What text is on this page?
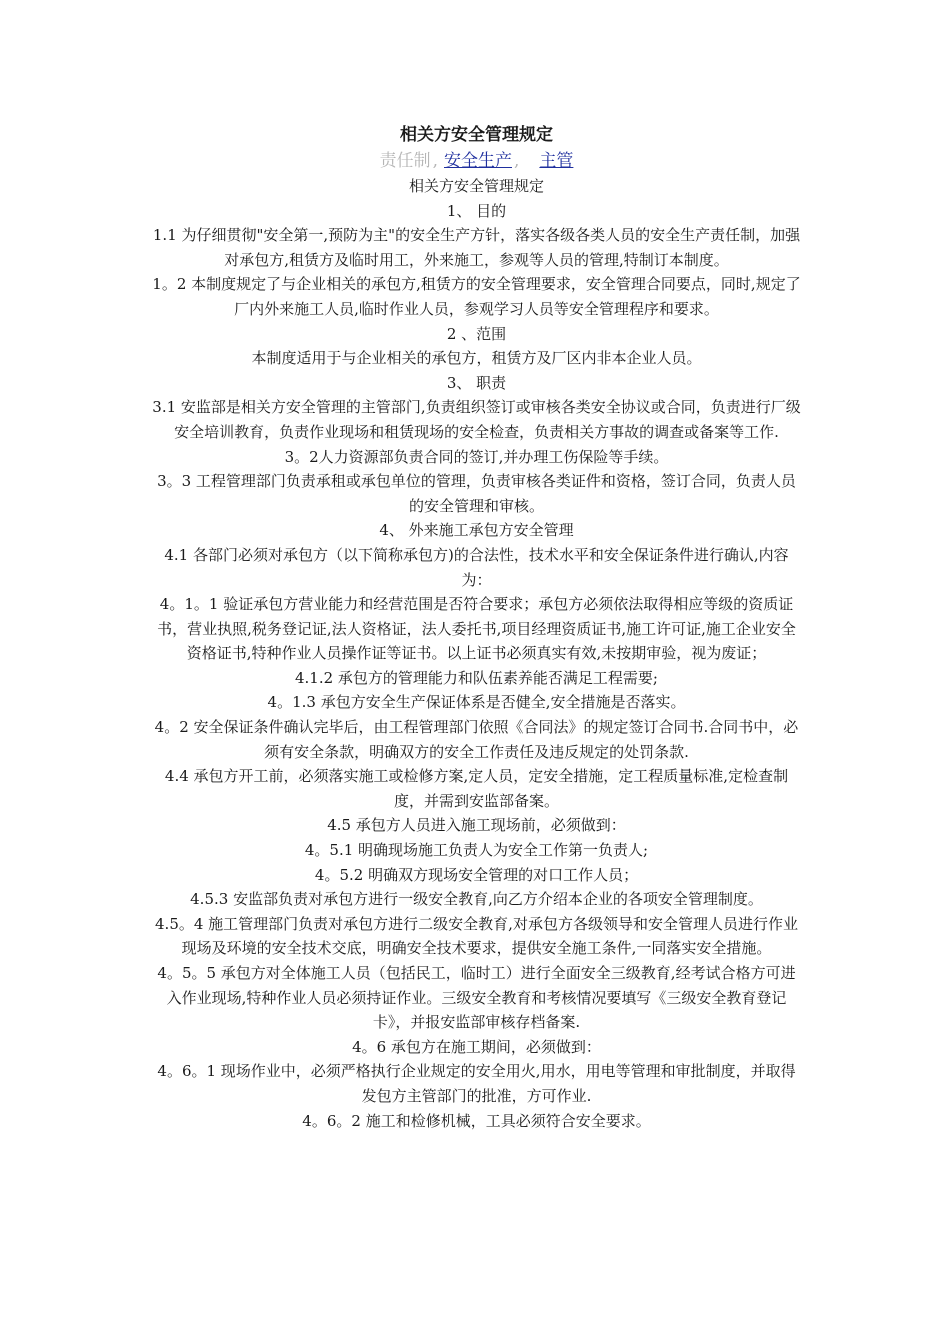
相关方安全管理规定
责任制 , 安全生产 , 主管
相关方安全管理规定
1、 目的
1.1 为仔细贯彻"安全第一,预防为主"的安全生产方针，落实各级各类人员的安全生产责任制，加强对承包方,租赁方及临时用工，外来施工，参观等人员的管理,特制订本制度。
1。2 本制度规定了与企业相关的承包方,租赁方的安全管理要求，安全管理合同要点，同时,规定了厂内外来施工人员,临时作业人员，参观学习人员等安全管理程序和要求。
2 、范围
本制度适用于与企业相关的承包方，租赁方及厂区内非本企业人员。
3、 职责
3.1 安监部是相关方安全管理的主管部门,负责组织签订或审核各类安全协议或合同，负责进行厂级安全培训教育，负责作业现场和租赁现场的安全检查，负责相关方事故的调查或备案等工作.
3。2人力资源部负责合同的签订,并办理工伤保险等手续。
3。3 工程管理部门负责承租或承包单位的管理，负责审核各类证件和资格，签订合同，负责人员的安全管理和审核。
4、 外来施工承包方安全管理
4.1 各部门必须对承包方（以下简称承包方)的合法性，技术水平和安全保证条件进行确认,内容为：
4。1。1 验证承包方营业能力和经营范围是否符合要求；承包方必须依法取得相应等级的资质证书，营业执照,税务登记证,法人资格证，法人委托书,项目经理资质证书,施工许可证,施工企业安全资格证书,特种作业人员操作证等证书。以上证书必须真实有效,未按期审验，视为废证；
4.1.2 承包方的管理能力和队伍素养能否满足工程需要;
4。1.3 承包方安全生产保证体系是否健全,安全措施是否落实。
4。2 安全保证条件确认完毕后，由工程管理部门依照《合同法》的规定签订合同书.合同书中，必须有安全条款，明确双方的安全工作责任及违反规定的处罚条款.
4.4 承包方开工前，必须落实施工或检修方案,定人员，定安全措施，定工程质量标准,定检查制度，并需到安监部备案。
4.5 承包方人员进入施工现场前，必须做到：
4。5.1 明确现场施工负责人为安全工作第一负责人;
4。5.2 明确双方现场安全管理的对口工作人员；
4.5.3 安监部负责对承包方进行一级安全教育,向乙方介绍本企业的各项安全管理制度。
4.5。4 施工管理部门负责对承包方进行二级安全教育,对承包方各级领导和安全管理人员进行作业现场及环境的安全技术交底，明确安全技术要求，提供安全施工条件,一同落实安全措施。
4。5。5 承包方对全体施工人员（包括民工，临时工）进行全面安全三级教育,经考试合格方可进入作业现场,特种作业人员必须持证作业。三级安全教育和考核情况要填写《三级安全教育登记卡》，并报安监部审核存档备案.
4。6 承包方在施工期间，必须做到：
4。6。1 现场作业中，必须严格执行企业规定的安全用火,用水，用电等管理和审批制度，并取得发包方主管部门的批准，方可作业.
4。6。2 施工和检修机械，工具必须符合安全要求。
